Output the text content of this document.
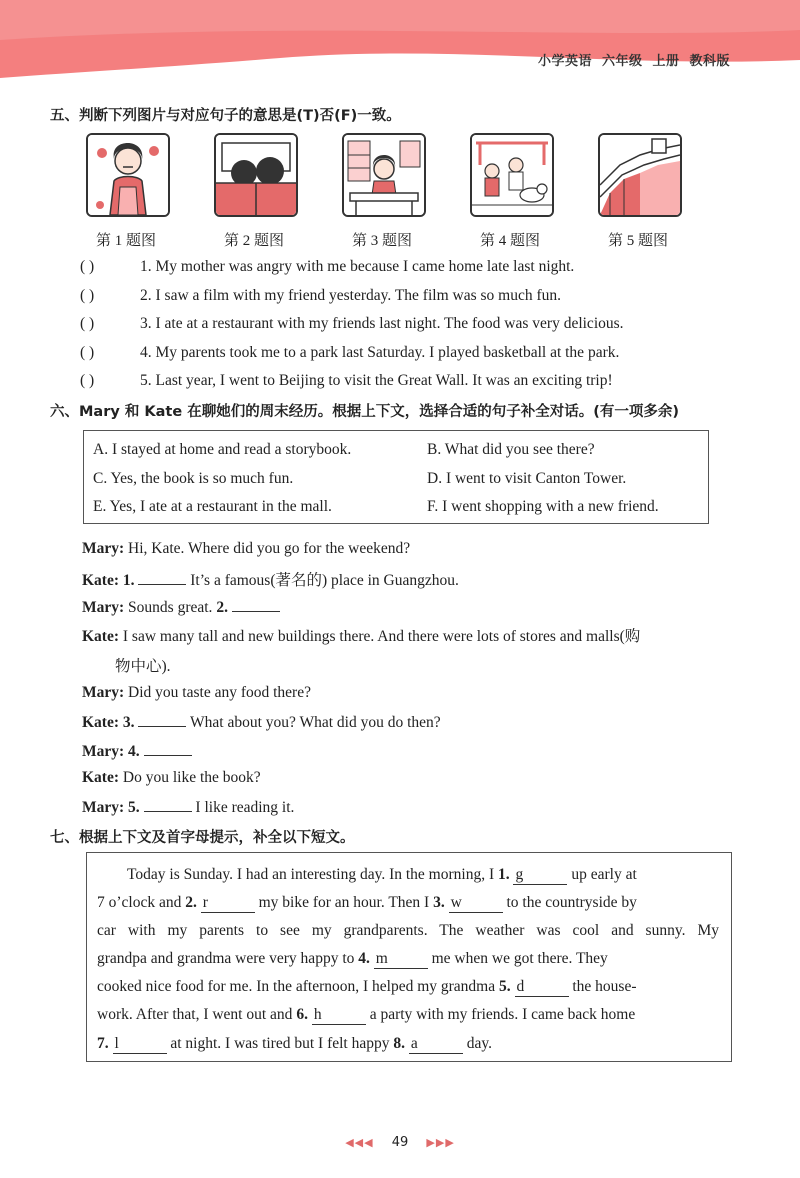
小学英语 六年级 上册 教科版
五、判断下列图片与对应句子的意思是(T)否(F)一致。
第 1 题图	第 2 题图	第 3 题图	第 4 题图	第 5 题图
( )	1. My mother was angry with me because I came home late last night.
( )	2. I saw a film with my friend yesterday. The film was so much fun.
( )	3. I ate at a restaurant with my friends last night. The food was very delicious.
( )	4. My parents took me to a park last Saturday. I played basketball at the park.
( )	5. Last year, I went to Beijing to visit the Great Wall. It was an exciting trip!
六、Mary 和 Kate 在聊她们的周末经历。根据上下文，选择合适的句子补全对话。(有一项多余)
A. I stayed at home and read a storybook.	B. What did you see there?
C. Yes, the book is so much fun.	D. I went to visit Canton Tower.
E. Yes, I ate at a restaurant in the mall.	F. I went shopping with a new friend.
Mary: Hi, Kate. Where did you go for the weekend?
Kate: 1.	It’s a famous(著名的) place in Guangzhou.
Mary: Sounds great. 2.
Kate: I saw many tall and new buildings there. And there were lots of stores and malls(购
物中心).
Mary: Did you taste any food there?
Kate: 3.	What about you? What did you do then?
Mary: 4.
Kate: Do you like the book?
Mary: 5.	I like reading it.
七、根据上下文及首字母提示，补全以下短文。
Today is Sunday. I had an interesting day. In the morning, I 1. g	up early at
7 o’clock and 2. r	my bike for an hour. Then I 3. w	to the countryside by
car with my parents to see my grandparents. The weather was cool and sunny. My
grandpa and grandma were very happy to 4. m	me when we got there. They
cooked nice food for me. In the afternoon, I helped my grandma 5. d	the house-
work. After that, I went out and 6. h	a party with my friends. I came back home
7. l	at night. I was tired but I felt happy 8. a	day.
◀◀◀ 49 ▶▶▶
